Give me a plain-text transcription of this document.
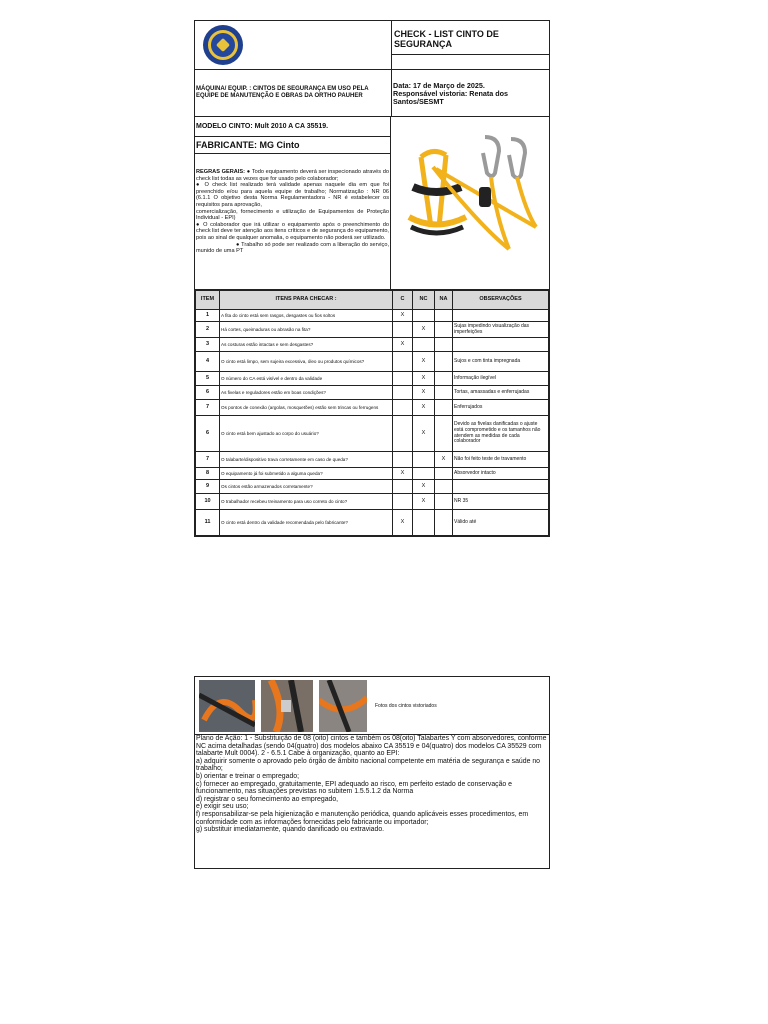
CHECK - LIST CINTO DE SEGURANÇA
MÁQUINA/ EQUIP. : CINTOS DE SEGURANÇA EM USO PELA EQUIPE DE MANUTENÇÃO E OBRAS DA ORTHO PAUHER
Data: 17 de Março de 2025.
Responsável vistoria: Renata dos Santos/SESMT
MODELO CINTO: Mult 2010 A CA 35519.
FABRICANTE: MG Cinto
REGRAS GERAIS: ● Todo equipamento deverá ser inspecionado através do check list todas as vezes que for usado pelo colaborador;
● O check list realizado terá validade apenas naquele dia em que foi preenchido e/ou para aquela equipe de trabalho; Normatização : NR 06 (6.1.1 O objetivo desta Norma Regulamentadora - NR é estabelecer os requisitos para aprovação,
comercialização, fornecimento e utilização de Equipamentos de Proteção Individual - EPI)
● O colaborador que irá utilizar o equipamento após o preenchimento do check list deve ter atenção aos itens críticos e de segurança do equipamento, pois ao sinal de qualquer anomalia, o equipamento não poderá ser utilizado.
● Trabalho só pode ser realizado com a liberação do serviço, munido de uma PT
ITEM	ITENS PARA CHECAR :	C	NC	NA	OBSERVAÇÕES
1	A fita do cinto está sem rasgos, desgastes ou fios soltos	X			
2	Há cortes, queimaduras ou abrasão na fita?		X		Sujas impedindo visualização das imperfeições
3	As costuras estão intactas e sem desgastes?	X			
4	O cinto está limpo, sem sujeira excessiva, óleo ou produtos químicos?		X		Sujos e com tinta impregnada
5	O número do CA está visível e dentro da validade		X		Informação ilegível
6	As fivelas e reguladores estão em boas condições?		X		Tortas, amassadas e enferrujadas
7	Os pontos de conexão (argolas, mosquetões) estão sem trincas ou ferrugens		X		Enferrujados
6	O cinto está bem ajustado ao corpo do usuário?		X		Devido as fivelas danificadas o ajuste está comprometido e os tamanhos não atendem as medidas de cada colaborador
7	O talabarte/dispositivo trava corretamente em caso de queda?			X	Não foi feito teste de travamento
8	O equipamento já foi submetido a alguma queda?	X			Absorvedor intacto
9	Os cintos estão armazenados corretamente?		X		
10	O trabalhador recebeu treinamento para uso correto do cinto?		X		NR 35
11	O cinto está dentro da validade recomendada pelo fabricante?	X			Válido até
Fotos dos cintos vistoriados
Plano de Ação: 1 - Substituição de 08 (oito) cintos e também os 08(oito) Talabartes Y com absorvedores, conforme NC acima detalhadas (sendo 04(quatro) dos modelos abaixo CA 35519 e 04(quatro) dos modelos CA 35529 com talabarte Mult 0004). 2 - 6.5.1 Cabe à organização, quanto ao EPI:
a) adquirir somente o aprovado pelo órgão de âmbito nacional competente em matéria de segurança e saúde no trabalho;
b) orientar e treinar o empregado;
c) fornecer ao empregado, gratuitamente, EPI adequado ao risco, em perfeito estado de conservação e funcionamento, nas situações previstas no subitem 1.5.5.1.2 da Norma
d) registrar o seu fornecimento ao empregado,
e) exigir seu uso;
f) responsabilizar-se pela higienização e manutenção periódica, quando aplicáveis esses procedimentos, em conformidade com as informações fornecidas pelo fabricante ou importador;
g) substituir imediatamente, quando danificado ou extraviado.
